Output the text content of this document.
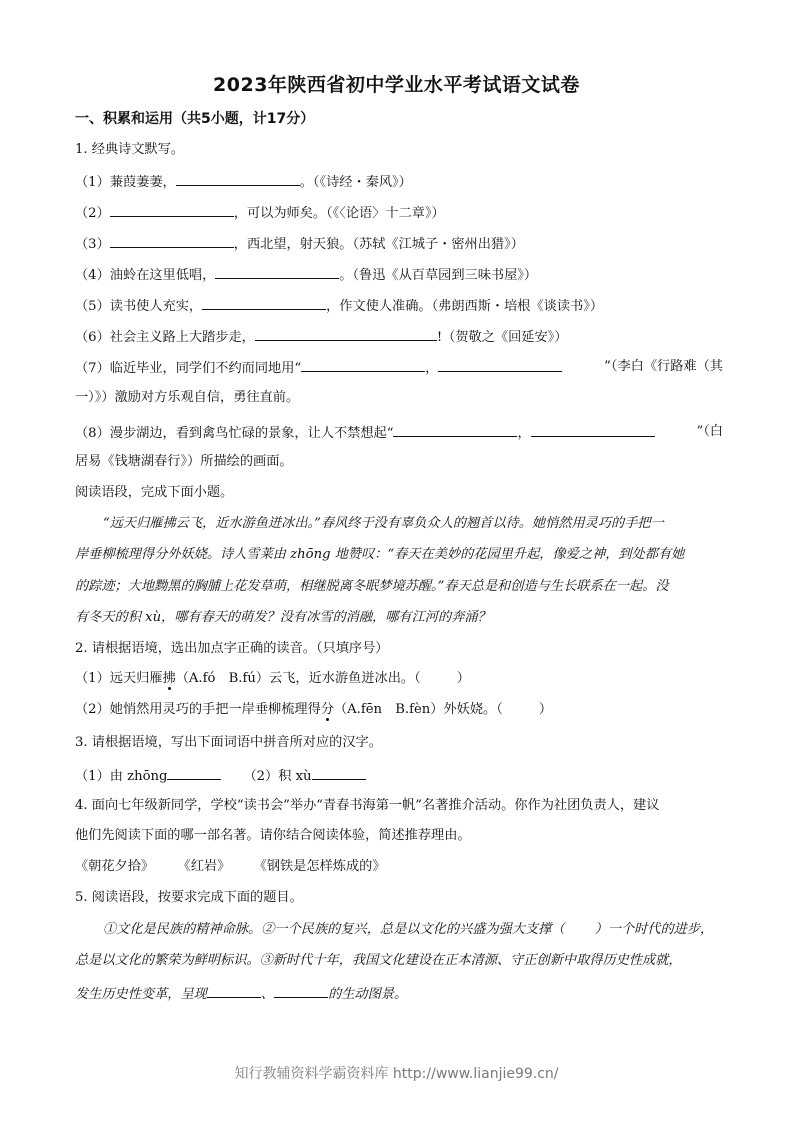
2023年陕西省初中学业水平考试语文试卷
一、积累和运用（共5小题，计17分）
1. 经典诗文默写。
（1）蒹葭萋萋，	。（《诗经・秦风》）
（2）	，可以为师矣。（《〈论语〉十二章》）
（3）	，西北望，射天狼。（苏轼《江城子・密州出猎》）
（4）油蛉在这里低唱，	。（鲁迅《从百草园到三味书屋》）
（5）读书使人充实，	，作文使人准确。（弗朗西斯・培根《谈读书》）
（6）社会主义路上大踏步走，	!（贺敬之《回延安》）
（7）临近毕业，同学们不约而同地用“	，	”（李白《行路难（其
一）》）激励对方乐观自信，勇往直前。
（8）漫步湖边，看到禽鸟忙碌的景象，让人不禁想起“	，	”（白
居易《钱塘湖春行》）所描绘的画面。
阅读语段，完成下面小题。
“远天归雁拂云飞，近水游鱼迸冰出。”春风终于没有辜负众人的翘首以待。她悄然用灵巧的手把一
岸垂柳梳理得分外妖娆。诗人雪莱由 zhōng 地赞叹：“春天在美妙的花园里升起，像爱之神，到处都有她
的踪迹；大地黝黑的胸脯上花发草萌，相继脱离冬眠梦境苏醒。”春天总是和创造与生长联系在一起。没
有冬天的积 xù，哪有春天的萌发？没有冰雪的消融，哪有江河的奔涌？
2. 请根据语境，选出加点字正确的读音。（只填序号）
（1）远天归雁拂（A.fó　B.fú）云飞，近水游鱼迸冰出。（	）
（2）她悄然用灵巧的手把一岸垂柳梳理得分（A.fēn　B.fèn）外妖娆。（	）
3. 请根据语境，写出下面词语中拼音所对应的汉字。
（1）由 zhōng	（2）积 xù
4. 面向七年级新同学，学校“读书会”举办“青春书海第一帆”名著推介活动。你作为社团负责人，建议
他们先阅读下面的哪一部名著。请你结合阅读体验，简述推荐理由。
《朝花夕拾》 《红岩》 《钢铁是怎样炼成的》
5. 阅读语段，按要求完成下面的题目。
①文化是民族的精神命脉。②一个民族的复兴，总是以文化的兴盛为强大支撑（ ）一个时代的进步，
总是以文化的繁荣为鲜明标识。③新时代十年，我国文化建设在正本清源、守正创新中取得历史性成就，
发生历史性变革，呈现	、	的生动图景。
知行教辅资料学霸资料库 http://www.lianjie99.cn/
